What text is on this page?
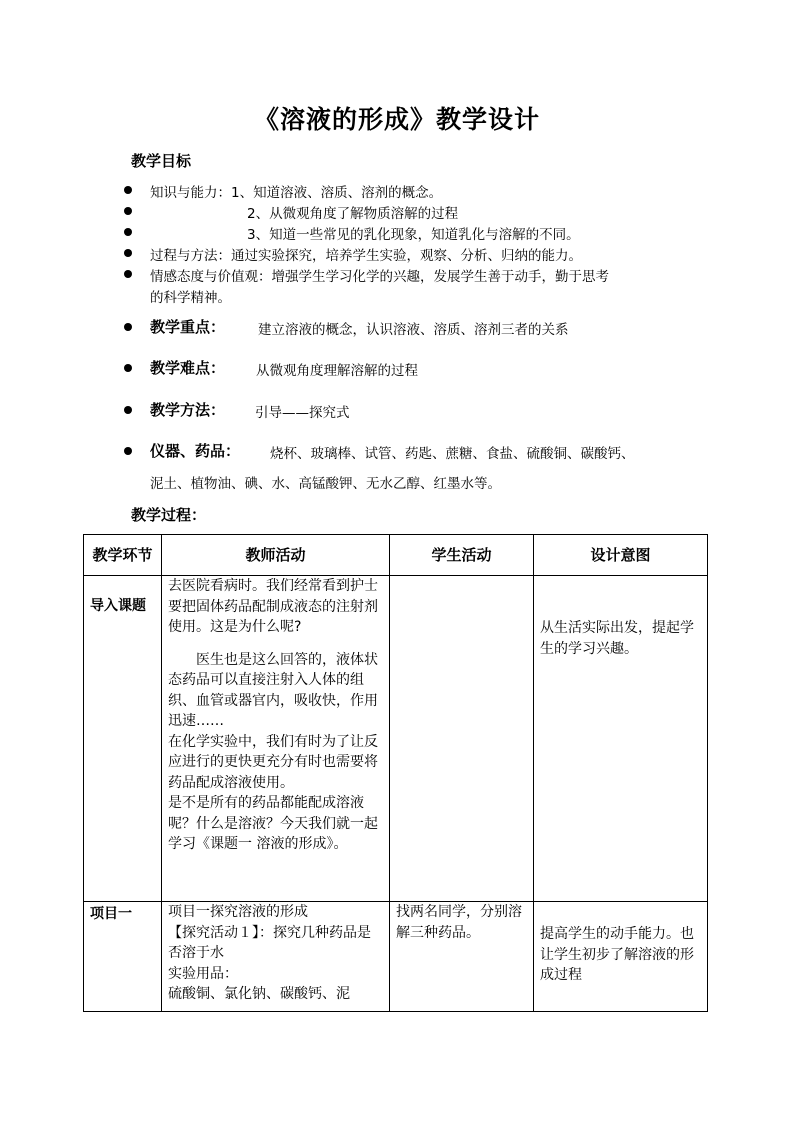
《溶液的形成》教学设计
教学目标
知识与能力：1、知道溶液、溶质、溶剂的概念。
2、从微观角度了解物质溶解的过程
3、知道一些常见的乳化现象，知道乳化与溶解的不同。
过程与方法：通过实验探究，培养学生实验，观察、分析、归纳的能力。
情感态度与价值观：增强学生学习化学的兴趣，发展学生善于动手，勤于思考
的科学精神。
教学重点： 建立溶液的概念，认识溶液、溶质、溶剂三者的关系
教学难点： 从微观角度理解溶解的过程
教学方法： 引导——探究式
仪器、药品： 烧杯、玻璃棒、试管、药匙、蔗糖、食盐、硫酸铜、碳酸钙、
泥土、植物油、碘、水、高锰酸钾、无水乙醇、红墨水等。
教学过程：
教学环节	教师活动	学生活动	设计意图

导入课题	去医院看病时。我们经常看到护士要把固体药品配制成液态的注射剂使用。这是为什么呢?
医生也是这么回答的，液体状态药品可以直接注射入人体的组织、血管或器官内，吸收快，作用迅速……
在化学实验中，我们有时为了让反应进行的更快更充分有时也需要将药品配成溶液使用。
是不是所有的药品都能配成溶液呢？什么是溶液？今天我们就一起学习《课题一 溶液的形成》。		从生活实际出发，提起学生的学习兴趣。

项目一	项目一探究溶液的形成
【探究活动１】：探究几种药品是否溶于水
实验用品：
硫酸铜、氯化钠、碳酸钙、泥	找两名同学，分别溶解三种药品。	提高学生的动手能力。也让学生初步了解溶液的形成过程
